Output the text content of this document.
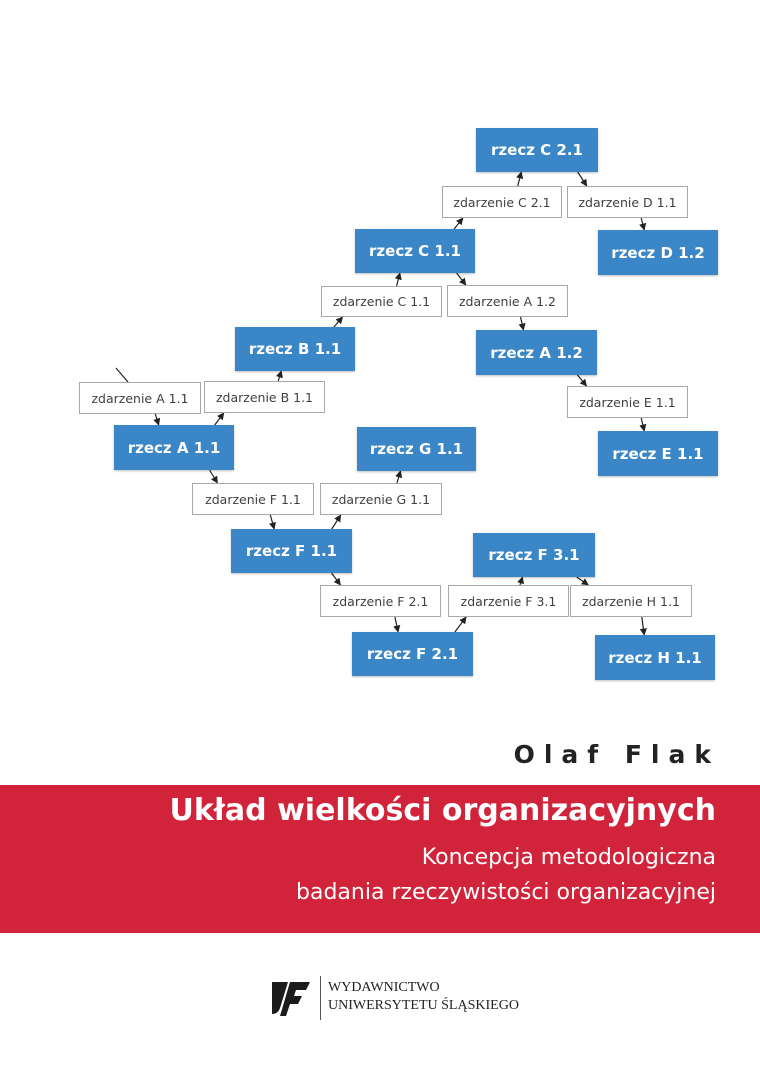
rzecz C 2.1
rzecz C 1.1	rzecz D 1.2
rzecz B 1.1	rzecz A 1.2
rzecz A 1.1	rzecz G 1.1	rzecz E 1.1
rzecz F 1.1	rzecz F 3.1
rzecz F 2.1	rzecz H 1.1
zdarzenie C 2.1	zdarzenie D 1.1
zdarzenie C 1.1	zdarzenie A 1.2
zdarzenie A 1.1	zdarzenie B 1.1	zdarzenie E 1.1
zdarzenie F 1.1	zdarzenie G 1.1
zdarzenie F 2.1	zdarzenie F 3.1	zdarzenie H 1.1

Olaf Flak

Układ wielkości organizacyjnych

Koncepcja metodologiczna

badania rzeczywistości organizacyjnej

WYDAWNICTWO
UNIWERSYTETU ŚLĄSKIEGO
